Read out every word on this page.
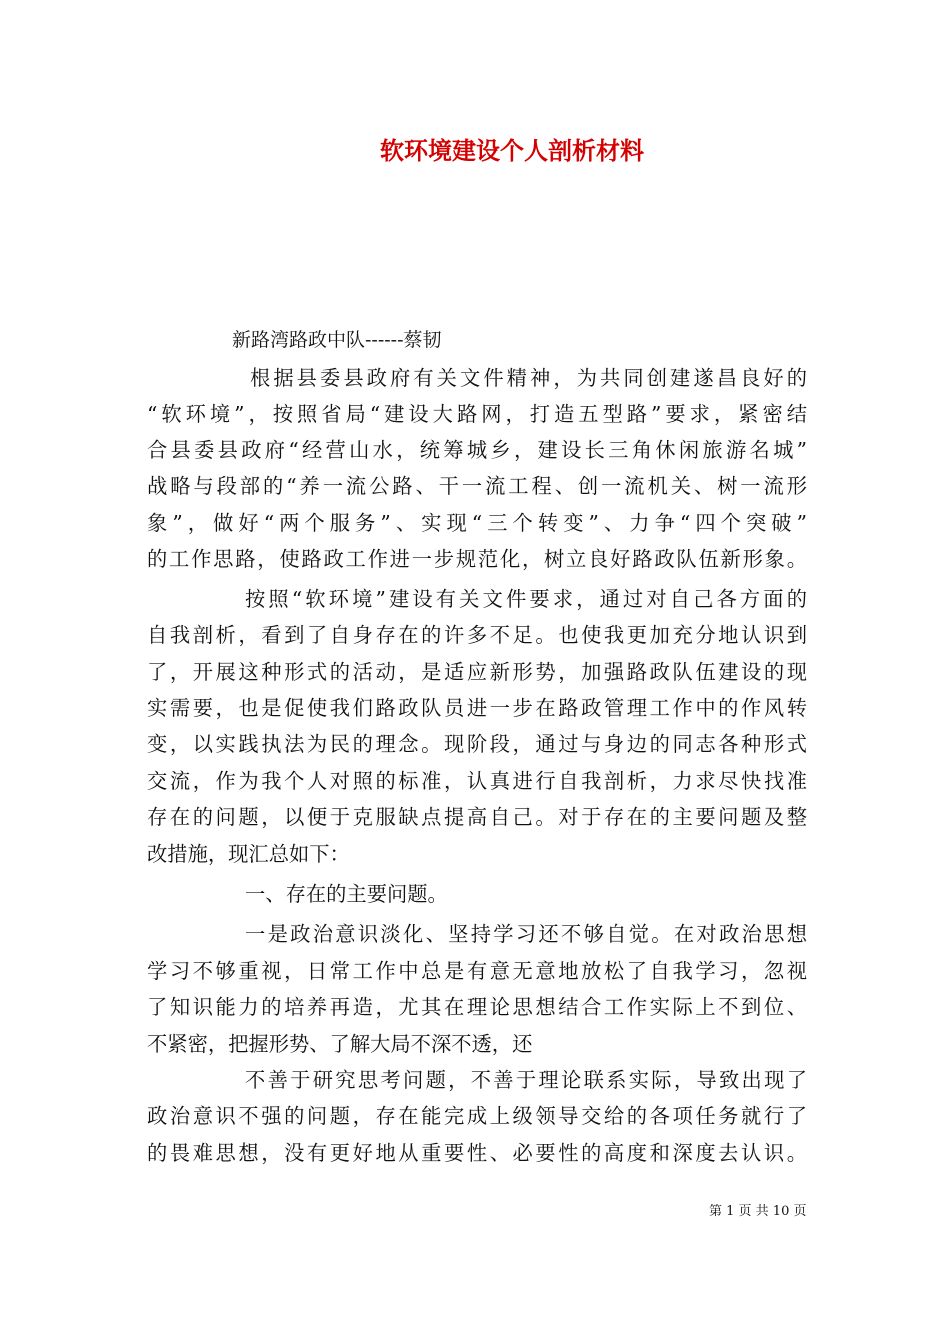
软环境建设个人剖析材料
新路湾路政中队------蔡韧
根据县委县政府有关文件精神，为共同创建遂昌良好的
“软环境”，按照省局“建设大路网，打造五型路”要求，紧密结
合县委县政府“经营山水，统筹城乡，建设长三角休闲旅游名城”
战略与段部的“养一流公路、干一流工程、创一流机关、树一流形
象”，做好“两个服务”、实现“三个转变”、力争“四个突破”
的工作思路，使路政工作进一步规范化，树立良好路政队伍新形象。
按照“软环境”建设有关文件要求，通过对自己各方面的
自我剖析，看到了自身存在的许多不足。也使我更加充分地认识到
了，开展这种形式的活动，是适应新形势，加强路政队伍建设的现
实需要，也是促使我们路政队员进一步在路政管理工作中的作风转
变，以实践执法为民的理念。现阶段，通过与身边的同志各种形式
交流，作为我个人对照的标准，认真进行自我剖析，力求尽快找准
存在的问题，以便于克服缺点提高自己。对于存在的主要问题及整
改措施，现汇总如下：
一、存在的主要问题。
一是政治意识淡化、坚持学习还不够自觉。在对政治思想
学习不够重视，日常工作中总是有意无意地放松了自我学习，忽视
了知识能力的培养再造，尤其在理论思想结合工作实际上不到位、
不紧密，把握形势、了解大局不深不透，还
不善于研究思考问题，不善于理论联系实际，导致出现了
政治意识不强的问题，存在能完成上级领导交给的各项任务就行了
的畏难思想，没有更好地从重要性、必要性的高度和深度去认识。
第 1 页 共 10 页
